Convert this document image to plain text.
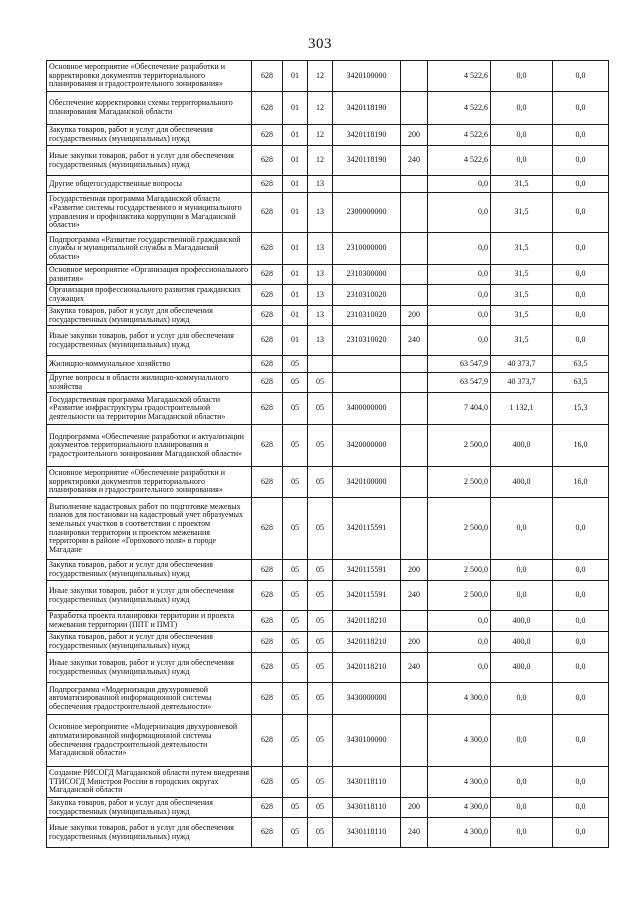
303
Основное мероприятие «Обеспечение разработки и корректировки документов территориального планирования и градостроительного зонирования»	628	01	12	3420100000		4 522,6	0,0	0,0
Обеспечение корректировки схемы территориального планирования Магаданской области	628	01	12	3420118190		4 522,6	0,0	0,0
Закупка товаров, работ и услуг для обеспечения государственных (муниципальных) нужд	628	01	12	3420118190	200	4 522,6	0,0	0,0
Иные закупки товаров, работ и услуг для обеспечения государственных (муниципальных) нужд	628	01	12	3420118190	240	4 522,6	0,0	0,0
Другие общегосударственные вопросы	628	01	13			0,0	31,5	0,0
Государственная программа Магаданской области «Развитие системы государственного и муниципального управления и профилактика коррупции в Магаданской области»	628	01	13	2300000000		0,0	31,5	0,0
Подпрограмма «Развитие государственной гражданской службы и муниципальной службы в Магаданской области»	628	01	13	2310000000		0,0	31,5	0,0
Основное мероприятие «Организация профессионального развития»	628	01	13	2310300000		0,0	31,5	0,0
Организация профессионального развития гражданских служащих	628	01	13	2310310020		0,0	31,5	0,0
Закупка товаров, работ и услуг для обеспечения государственных (муниципальных) нужд	628	01	13	2310310020	200	0,0	31,5	0,0
Иные закупки товаров, работ и услуг для обеспечения государственных (муниципальных) нужд	628	01	13	2310310020	240	0,0	31,5	0,0
Жилищно-коммунальное хозяйство	628	05				63 547,9	40 373,7	63,5
Другие вопросы в области жилищно-коммунального хозяйства	628	05	05			63 547,9	40 373,7	63,5
Государственная программа Магаданской области «Развитие инфраструктуры градостроительной деятельности на территории Магаданской области»	628	05	05	3400000000		7 404,0	1 132,1	15,3
Подпрограмма «Обеспечение разработки и актуализации документов территориального планирования и градостроительного зонирования Магаданской области»	628	05	05	3420000000		2 500,0	400,0	16,0
Основное мероприятие «Обеспечение разработки и корректировки документов территориального планирования и градостроительного зонирования»	628	05	05	3420100000		2 500,0	400,0	16,0
Выполнение кадастровых работ по подготовке межевых планов для постановки на кадастровый учет образуемых земельных участков в соответствии с проектом планировки территории и проектом межевания территории в районе «Горохового поля» в городе Магадане	628	05	05	3420115591		2 500,0	0,0	0,0
Закупка товаров, работ и услуг для обеспечения государственных (муниципальных) нужд	628	05	05	3420115591	200	2 500,0	0,0	0,0
Иные закупки товаров, работ и услуг для обеспечения государственных (муниципальных) нужд	628	05	05	3420115591	240	2 500,0	0,0	0,0
Разработка проекта планировки территории и проекта межевания территории (ППТ и ПМТ)	628	05	05	3420118210		0,0	400,0	0,0
Закупка товаров, работ и услуг для обеспечения государственных (муниципальных) нужд	628	05	05	3420118210	200	0,0	400,0	0,0
Иные закупки товаров, работ и услуг для обеспечения государственных (муниципальных) нужд	628	05	05	3420118210	240	0,0	400,0	0,0
Подпрограмма «Модернизация двухуровневой автоматизированной информационной системы обеспечения градостроительной деятельности»	628	05	05	3430000000		4 300,0	0,0	0,0
Основное мероприятие «Модернизация двухуровневой автоматизированной информационной системы обеспечения градостроительной деятельности Магаданской области»	628	05	05	3430100000		4 300,0	0,0	0,0
Создание РИСОГД Магаданской области путем внедрения ТТИСОГД Минстроя России в городских округах Магаданской области	628	05	05	3430118110		4 300,0	0,0	0,0
Закупка товаров, работ и услуг для обеспечения государственных (муниципальных) нужд	628	05	05	3430118110	200	4 300,0	0,0	0,0
Иные закупки товаров, работ и услуг для обеспечения государственных (муниципальных) нужд	628	05	05	3430118110	240	4 300,0	0,0	0,0
